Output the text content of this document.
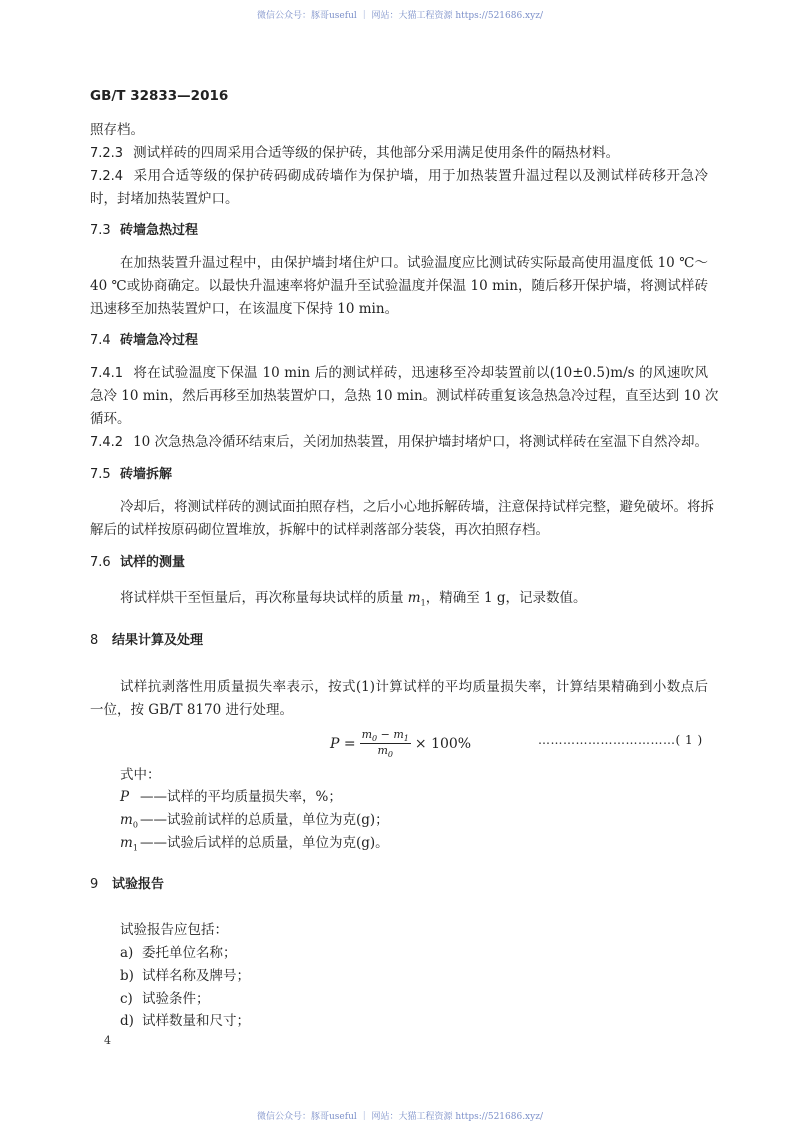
微信公众号：豚哥useful ｜ 网站：大猫工程资源 https://521686.xyz/
GB/T 32833—2016
照存档。
7.2.3 测试样砖的四周采用合适等级的保护砖，其他部分采用满足使用条件的隔热材料。
7.2.4 采用合适等级的保护砖码砌成砖墙作为保护墙，用于加热装置升温过程以及测试样砖移开急冷
时，封堵加热装置炉口。
7.3 砖墙急热过程
在加热装置升温过程中，由保护墙封堵住炉口。试验温度应比测试砖实际最高使用温度低 10 ℃～
40 ℃或协商确定。以最快升温速率将炉温升至试验温度并保温 10 min，随后移开保护墙，将测试样砖
迅速移至加热装置炉口，在该温度下保持 10 min。
7.4 砖墙急冷过程
7.4.1 将在试验温度下保温 10 min 后的测试样砖，迅速移至冷却装置前以(10±0.5)m/s 的风速吹风
急冷 10 min，然后再移至加热装置炉口，急热 10 min。测试样砖重复该急热急冷过程，直至达到 10 次
循环。
7.4.2 10 次急热急冷循环结束后，关闭加热装置，用保护墙封堵炉口，将测试样砖在室温下自然冷却。
7.5 砖墙拆解
冷却后，将测试样砖的测试面拍照存档，之后小心地拆解砖墙，注意保持试样完整，避免破坏。将拆
解后的试样按原码砌位置堆放，拆解中的试样剥落部分装袋，再次拍照存档。
7.6 试样的测量
将试样烘干至恒量后，再次称量每块试样的质量 $m_1$，精确至 1 g，记录数值。
8 结果计算及处理
试样抗剥落性用质量损失率表示，按式(1)计算试样的平均质量损失率，计算结果精确到小数点后
一位，按 GB/T 8170 进行处理。
$P = \frac{m_0 - m_1}{m_0} \times 100\%$	……………………………( 1 )
式中：
P ——试样的平均质量损失率，%；
$m_0$ ——试验前试样的总质量，单位为克(g)；
$m_1$ ——试验后试样的总质量，单位为克(g)。
9 试验报告
试验报告应包括：
a) 委托单位名称；
b) 试样名称及牌号；
c) 试验条件；
d) 试样数量和尺寸；
4
微信公众号：豚哥useful ｜ 网站：大猫工程资源 https://521686.xyz/
